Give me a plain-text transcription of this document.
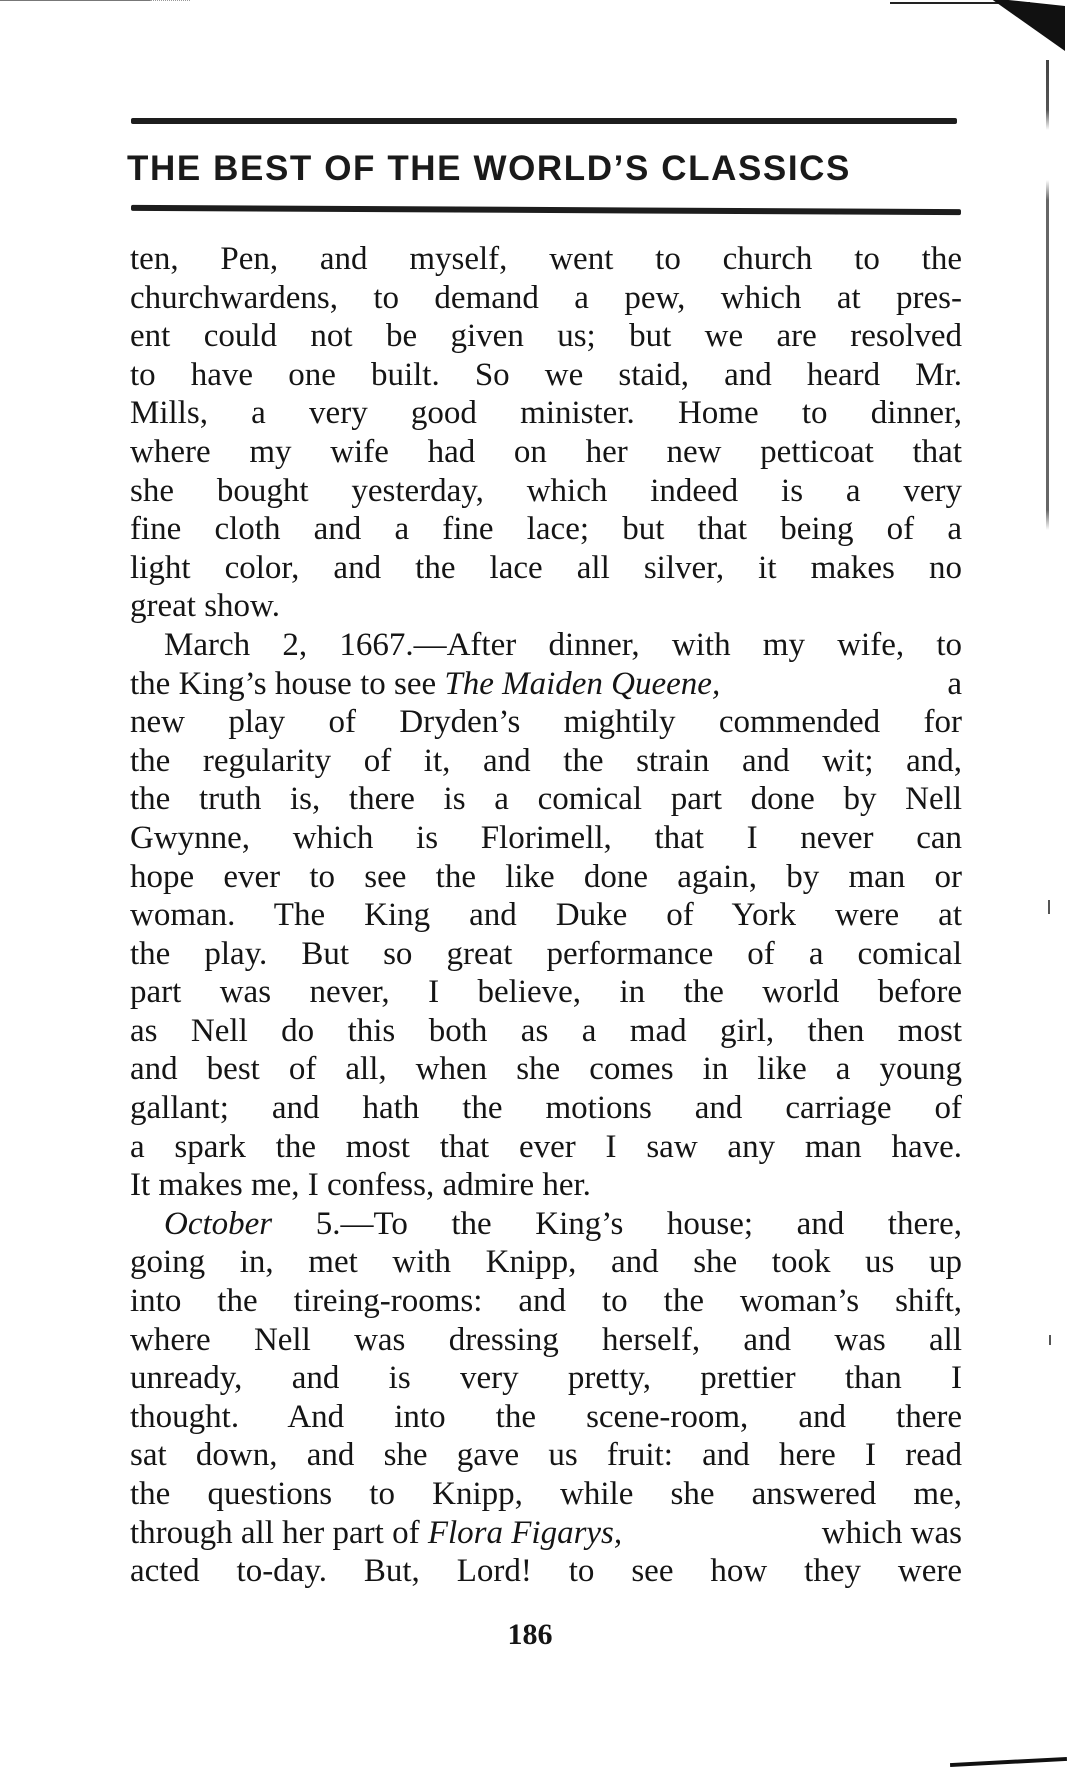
THE BEST OF THE WORLD’S CLASSICS
ten, Pen, and myself, went to church to the
churchwardens, to demand a pew, which at pres-
ent could not be given us; but we are resolved
to have one built. So we staid, and heard Mr.
Mills, a very good minister. Home to dinner,
where my wife had on her new petticoat that
she bought yesterday, which indeed is a very
fine cloth and a fine lace; but that being of a
light color, and the lace all silver, it makes no
great show.
March 2, 1667.—After dinner, with my wife, to
the King’s house to see The Maiden Queene,	a
new play of Dryden’s mightily commended for
the regularity of it, and the strain and wit; and,
the truth is, there is a comical part done by Nell
Gwynne, which is Florimell, that I never can
hope ever to see the like done again, by man or
woman. The King and Duke of York were at
the play. But so great performance of a comical
part was never, I believe, in the world before
as Nell do this both as a mad girl, then most
and best of all, when she comes in like a young
gallant; and hath the motions and carriage of
a spark the most that ever I saw any man have.
It makes me, I confess, admire her.
October 5.—To the King’s house; and there,
going in, met with Knipp, and she took us up
into the tireing-rooms: and to the woman’s shift,
where Nell was dressing herself, and was all
unready, and is very pretty, prettier than I
thought. And into the scene-room, and there
sat down, and she gave us fruit: and here I read
the questions to Knipp, while she answered me,
through all her part of Flora Figarys,	which was
acted to-day. But, Lord! to see how they were
186
